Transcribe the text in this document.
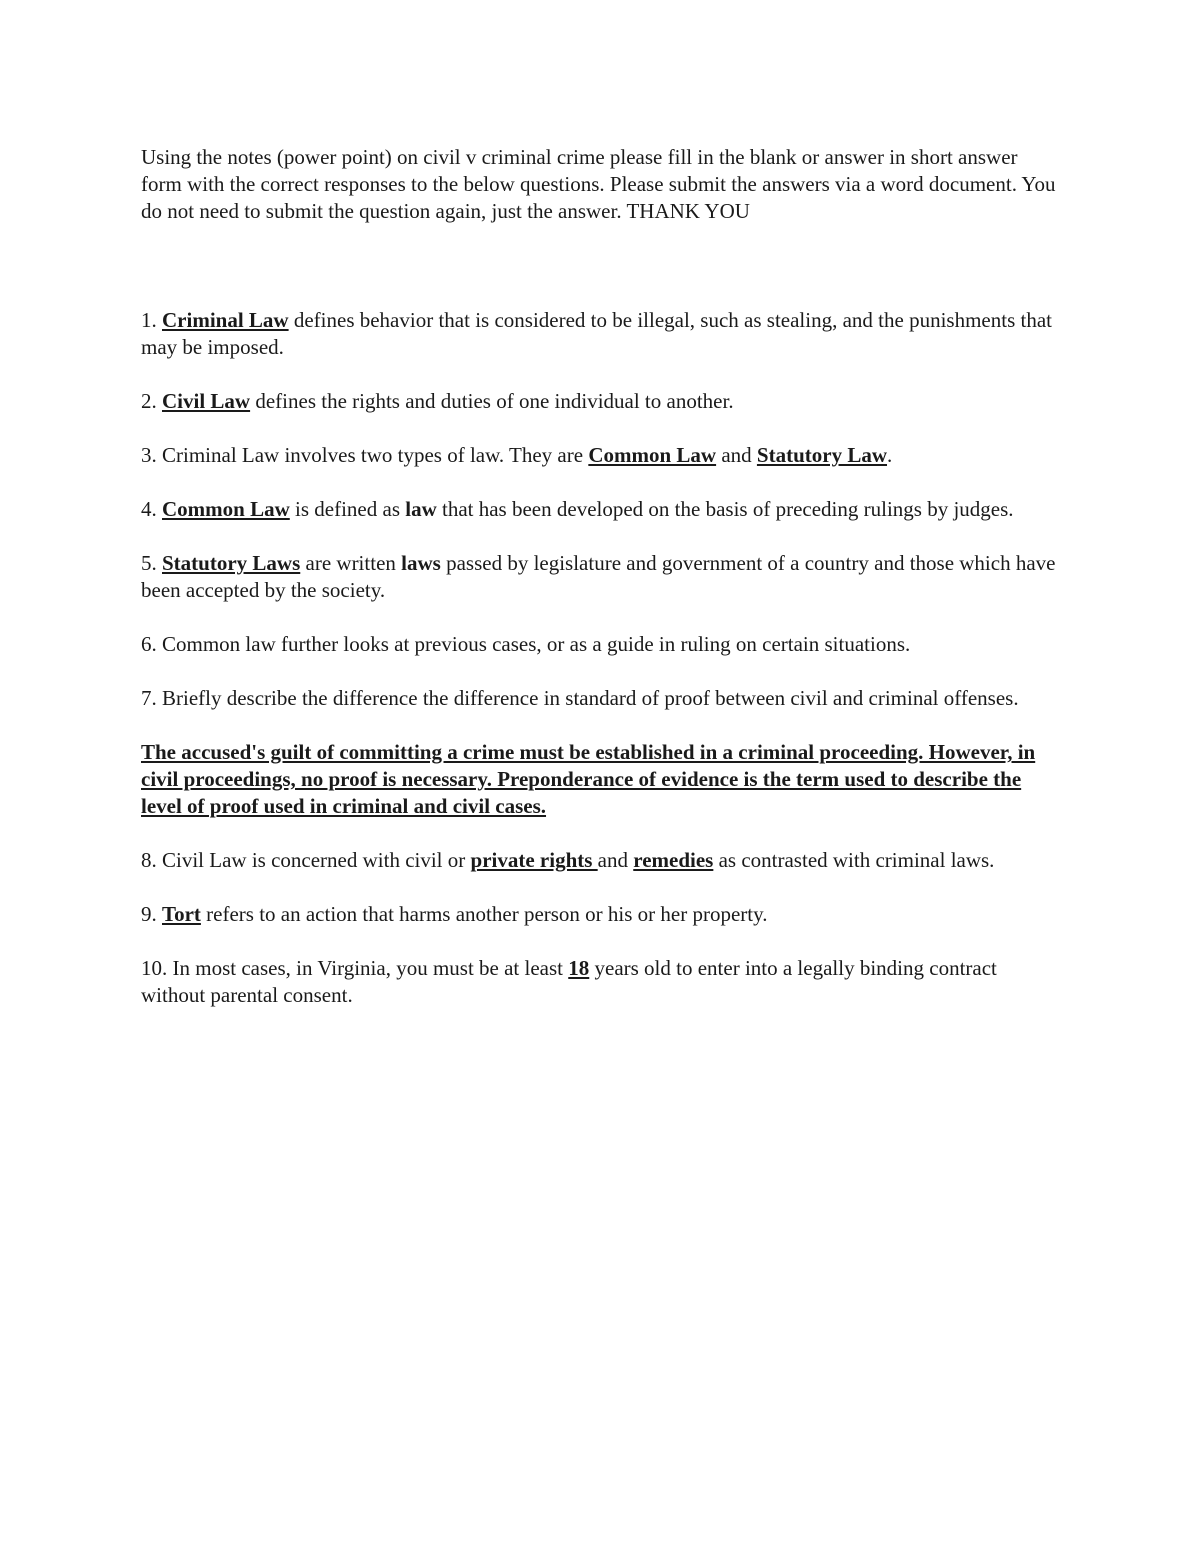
Using the notes (power point) on civil v criminal crime please fill in the blank or answer in short answer form with the correct responses to the below questions. Please submit the answers via a word document. You do not need to submit the question again, just the answer. THANK YOU

1. Criminal Law defines behavior that is considered to be illegal, such as stealing, and the punishments that may be imposed.

2. Civil Law defines the rights and duties of one individual to another.

3. Criminal Law involves two types of law. They are Common Law and Statutory Law.

4. Common Law is defined as law that has been developed on the basis of preceding rulings by judges.

5. Statutory Laws are written laws passed by legislature and government of a country and those which have been accepted by the society.

6. Common law further looks at previous cases, or as a guide in ruling on certain situations.

7. Briefly describe the difference the difference in standard of proof between civil and criminal offenses.

The accused's guilt of committing a crime must be established in a criminal proceeding. However, in civil proceedings, no proof is necessary. Preponderance of evidence is the term used to describe the level of proof used in criminal and civil cases.

8. Civil Law is concerned with civil or private rights and remedies as contrasted with criminal laws.

9. Tort refers to an action that harms another person or his or her property.

10. In most cases, in Virginia, you must be at least 18 years old to enter into a legally binding contract without parental consent.
